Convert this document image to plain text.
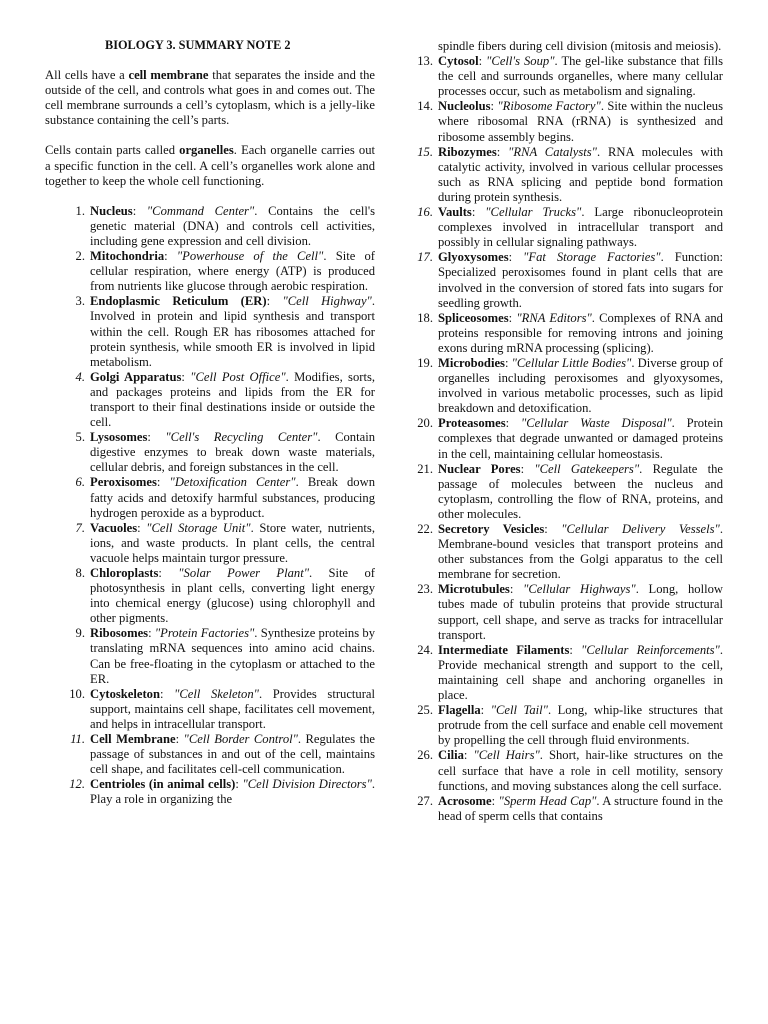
BIOLOGY 3. SUMMARY NOTE 2

All cells have a cell membrane that separates the inside and the outside of the cell, and controls what goes in and comes out. The cell membrane surrounds a cell’s cytoplasm, which is a jelly-like substance containing the cell’s parts.

Cells contain parts called organelles. Each organelle carries out a specific function in the cell. A cell’s organelles work alone and together to keep the whole cell functioning.

1. Nucleus: "Command Center". Contains the cell's genetic material (DNA) and controls cell activities, including gene expression and cell division.
2. Mitochondria: "Powerhouse of the Cell". Site of cellular respiration, where energy (ATP) is produced from nutrients like glucose through aerobic respiration.
3. Endoplasmic Reticulum (ER): "Cell Highway". Involved in protein and lipid synthesis and transport within the cell. Rough ER has ribosomes attached for protein synthesis, while smooth ER is involved in lipid metabolism.
4. Golgi Apparatus: "Cell Post Office". Modifies, sorts, and packages proteins and lipids from the ER for transport to their final destinations inside or outside the cell.
5. Lysosomes: "Cell's Recycling Center". Contain digestive enzymes to break down waste materials, cellular debris, and foreign substances in the cell.
6. Peroxisomes: "Detoxification Center". Break down fatty acids and detoxify harmful substances, producing hydrogen peroxide as a byproduct.
7. Vacuoles: "Cell Storage Unit". Store water, nutrients, ions, and waste products. In plant cells, the central vacuole helps maintain turgor pressure.
8. Chloroplasts: "Solar Power Plant". Site of photosynthesis in plant cells, converting light energy into chemical energy (glucose) using chlorophyll and other pigments.
9. Ribosomes: "Protein Factories". Synthesize proteins by translating mRNA sequences into amino acid chains. Can be free-floating in the cytoplasm or attached to the ER.
10. Cytoskeleton: "Cell Skeleton". Provides structural support, maintains cell shape, facilitates cell movement, and helps in intracellular transport.
11. Cell Membrane: "Cell Border Control". Regulates the passage of substances in and out of the cell, maintains cell shape, and facilitates cell-cell communication.
12. Centrioles (in animal cells): "Cell Division Directors". Play a role in organizing the
spindle fibers during cell division (mitosis and meiosis).
13. Cytosol: "Cell's Soup". The gel-like substance that fills the cell and surrounds organelles, where many cellular processes occur, such as metabolism and signaling.
14. Nucleolus: "Ribosome Factory". Site within the nucleus where ribosomal RNA (rRNA) is synthesized and ribosome assembly begins.
15. Ribozymes: "RNA Catalysts". RNA molecules with catalytic activity, involved in various cellular processes such as RNA splicing and peptide bond formation during protein synthesis.
16. Vaults: "Cellular Trucks". Large ribonucleoprotein complexes involved in intracellular transport and possibly in cellular signaling pathways.
17. Glyoxysomes: "Fat Storage Factories". Function: Specialized peroxisomes found in plant cells that are involved in the conversion of stored fats into sugars for seedling growth.
18. Spliceosomes: "RNA Editors". Complexes of RNA and proteins responsible for removing introns and joining exons during mRNA processing (splicing).
19. Microbodies: "Cellular Little Bodies". Diverse group of organelles including peroxisomes and glyoxysomes, involved in various metabolic processes, such as lipid breakdown and detoxification.
20. Proteasomes: "Cellular Waste Disposal". Protein complexes that degrade unwanted or damaged proteins in the cell, maintaining cellular homeostasis.
21. Nuclear Pores: "Cell Gatekeepers". Regulate the passage of molecules between the nucleus and cytoplasm, controlling the flow of RNA, proteins, and other molecules.
22. Secretory Vesicles: "Cellular Delivery Vessels". Membrane-bound vesicles that transport proteins and other substances from the Golgi apparatus to the cell membrane for secretion.
23. Microtubules: "Cellular Highways". Long, hollow tubes made of tubulin proteins that provide structural support, cell shape, and serve as tracks for intracellular transport.
24. Intermediate Filaments: "Cellular Reinforcements". Provide mechanical strength and support to the cell, maintaining cell shape and anchoring organelles in place.
25. Flagella: "Cell Tail". Long, whip-like structures that protrude from the cell surface and enable cell movement by propelling the cell through fluid environments.
26. Cilia: "Cell Hairs". Short, hair-like structures on the cell surface that have a role in cell motility, sensory functions, and moving substances along the cell surface.
27. Acrosome: "Sperm Head Cap". A structure found in the head of sperm cells that contains
